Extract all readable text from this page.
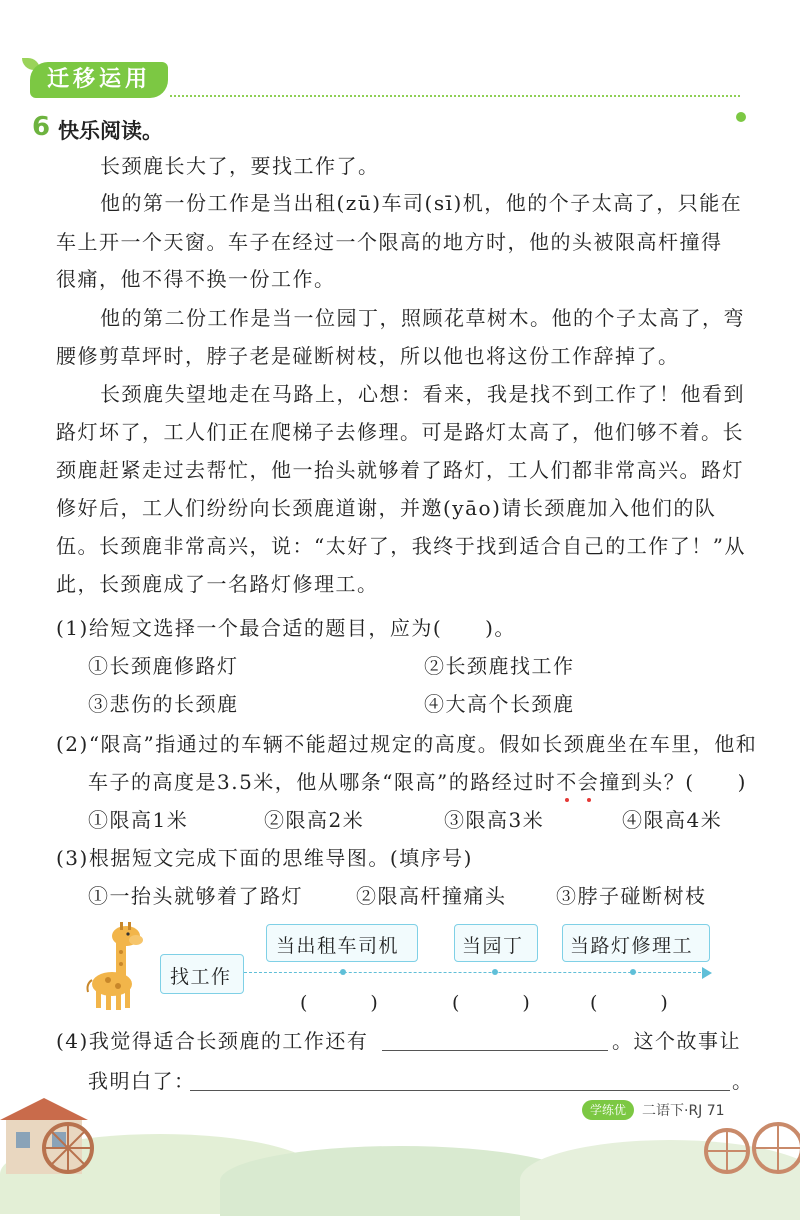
迁移运用
6 快乐阅读。
长颈鹿长大了，要找工作了。
他的第一份工作是当出租(zū)车司(sī)机，他的个子太高了，只能在
车上开一个天窗。车子在经过一个限高的地方时，他的头被限高杆撞得
很痛，他不得不换一份工作。
他的第二份工作是当一位园丁，照顾花草树木。他的个子太高了，弯
腰修剪草坪时，脖子老是碰断树枝，所以他也将这份工作辞掉了。
长颈鹿失望地走在马路上，心想：看来，我是找不到工作了！他看到
路灯坏了，工人们正在爬梯子去修理。可是路灯太高了，他们够不着。长
颈鹿赶紧走过去帮忙，他一抬头就够着了路灯，工人们都非常高兴。路灯
修好后，工人们纷纷向长颈鹿道谢，并邀(yāo)请长颈鹿加入他们的队
伍。长颈鹿非常高兴，说：“太好了，我终于找到适合自己的工作了！”从
此，长颈鹿成了一名路灯修理工。
(1)给短文选择一个最合适的题目，应为(　　)。
①长颈鹿修路灯	②长颈鹿找工作
③悲伤的长颈鹿	④大高个长颈鹿
(2)“限高”指通过的车辆不能超过规定的高度。假如长颈鹿坐在车里，他和
车子的高度是3.5米，他从哪条“限高”的路经过时不会撞到头？(　　)
①限高1米	②限高2米	③限高3米	④限高4米
(3)根据短文完成下面的思维导图。(填序号)
①一抬头就够着了路灯	②限高杆撞痛头 ③脖子碰断树枝
找工作
当出租车司机	当园丁 当路灯修理工
(　　　)	(　　　)	(　　　)
(4)我觉得适合长颈鹿的工作还有	。这个故事让
我明白了：	。
学练优	二语下·RJ 71
